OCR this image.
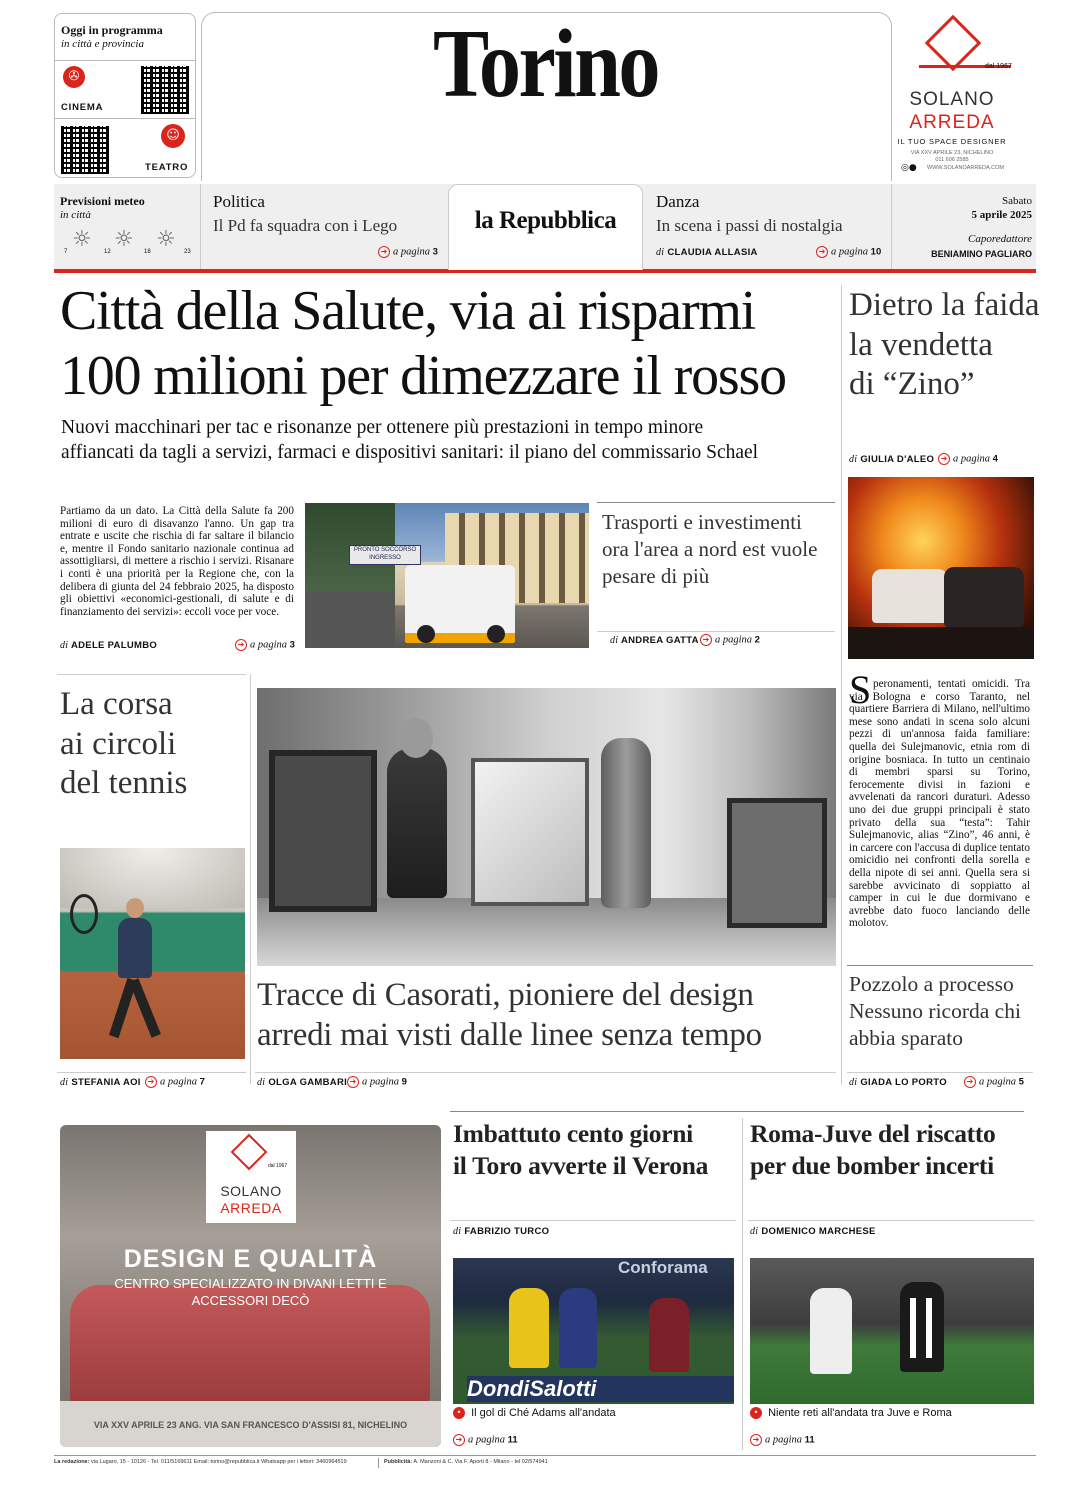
Oggi in programma
in città e provincia
✇
CINEMA
☺
TEATRO
Torino	dal 1967
SOLANO
ARREDA
IL TUO SPACE DESIGNER
VIA XXV APRILE 23, NICHELINO
011 606 2585
◎● WWW.SOLANOARREDA.COM
Previsioni meteo
in città
☼ ☼ ☼
7	12	18	23
Politica
Il Pd fa squadra con i Lego
➔ a pagina 3
la Repubblica
Danza
In scena i passi di nostalgia
di CLAUDIA ALLASIA	➔ a pagina 10
Sabato
5 aprile 2025
Caporedattore
BENIAMINO PAGLIARO
Città della Salute, via ai risparmi
100 milioni per dimezzare il rosso
Nuovi macchinari per tac e risonanze per ottenere più prestazioni in tempo minore
affiancati da tagli a servizi, farmaci e dispositivi sanitari: il piano del commissario Schael
Partiamo da un dato. La Città della Salute fa 200 milioni di euro di disavanzo l'anno. Un gap tra entrate e uscite che rischia di far saltare il bilancio e, mentre il Fondo sanitario nazionale continua ad assottigliarsi, di mettere a rischio i servizi. Risanare i conti è una priorità per la Regione che, con la delibera di giunta del 24 febbraio 2025, ha disposto gli obiettivi «economici-gestionali, di salute e di finanziamento dei servizi»: eccoli voce per voce.
di ADELE PALUMBO	➔ a pagina 3
PRONTO SOCCORSO
INGRESSO
Trasporti e investimenti ora l'area a nord est vuole pesare di più
di ANDREA GATTA ➔ a pagina 2
Dietro la faida
la vendetta
di “Zino”
di GIULIA D'ALEO ➔ a pagina 4
S peronamenti, tentati omicidi. Tra via Bologna e corso Taranto, nel quartiere Barriera di Milano, nell'ultimo mese sono andati in scena solo alcuni pezzi di un'annosa faida familiare: quella dei Sulejmanovic, etnia rom di origine bosniaca. In tutto un centinaio di membri sparsi su Torino, ferocemente divisi in fazioni e avvelenati da rancori duraturi. Adesso uno dei due gruppi principali è stato privato della sua “testa”: Tahir Sulejmanovic, alias “Zino”, 46 anni, è in carcere con l'accusa di duplice tentato omicidio nei confronti della sorella e della nipote di sei anni. Quella sera si sarebbe avvicinato di soppiatto al camper in cui le due dormivano e avrebbe dato fuoco lanciando delle molotov.
Pozzolo a processo Nessuno ricorda chi abbia sparato
di GIADA LO PORTO	➔ a pagina 5
La corsa
ai circoli
del tennis
di STEFANIA AOI ➔ a pagina 7
Tracce di Casorati, pioniere del design
arredi mai visti dalle linee senza tempo
di OLGA GAMBARI ➔ a pagina 9
dal 1967
SOLANO
ARREDA
DESIGN E QUALITÀ
CENTRO SPECIALIZZATO IN DIVANI LETTI E
ACCESSORI DECÒ
VIA XXV APRILE 23 ANG. VIA SAN FRANCESCO D'ASSISI 81, NICHELINO
Imbattuto cento giorni
il Toro avverte il Verona
di FABRIZIO TURCO
Conforama
DondiSalotti
• Il gol di Ché Adams all'andata
➔ a pagina 11
Roma-Juve del riscatto
per due bomber incerti
di DOMENICO MARCHESE
• Niente reti all'andata tra Juve e Roma
➔ a pagina 11
La redazione: via Lugaro, 15 - 10126 - Tel. 011/5169611 Email: torino@repubblica.it Whatsapp per i lettori: 3460964519	Pubblicità: A. Manzoni & C. Via F. Aporti 8 - Milano - tel 02/574941
